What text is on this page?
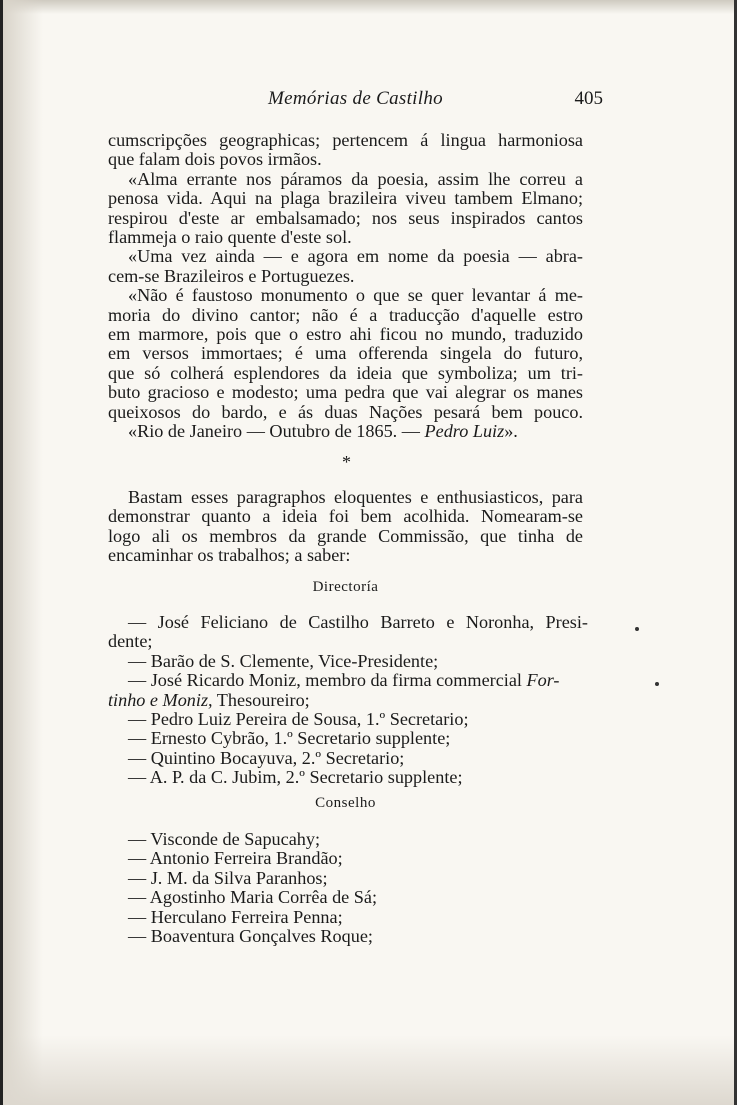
Memórias de Castilho	405
cumscripções geographicas; pertencem á lingua harmoniosa
que falam dois povos irmãos.
«Alma errante nos páramos da poesia, assim lhe correu a
penosa vida. Aqui na plaga brazileira viveu tambem Elmano;
respirou d'este ar embalsamado; nos seus inspirados cantos
flammeja o raio quente d'este sol.
«Uma vez ainda — e agora em nome da poesia — abra-
cem-se Brazileiros e Portuguezes.
«Não é faustoso monumento o que se quer levantar á me-
moria do divino cantor; não é a traducção d'aquelle estro
em marmore, pois que o estro ahi ficou no mundo, traduzido
em versos immortaes; é uma offerenda singela do futuro,
que só colherá esplendores da ideia que symboliza; um tri-
buto gracioso e modesto; uma pedra que vai alegrar os manes
queixosos do bardo, e ás duas Nações pesará bem pouco.
«Rio de Janeiro — Outubro de 1865. — Pedro Luiz».
*
Bastam esses paragraphos eloquentes e enthusiasticos, para
demonstrar quanto a ideia foi bem acolhida. Nomearam-se
logo ali os membros da grande Commissão, que tinha de
encaminhar os trabalhos; a saber:
Directoría
— José Feliciano de Castilho Barreto e Noronha, Presi-
dente;
— Barão de S. Clemente, Vice-Presidente;
— José Ricardo Moniz, membro da firma commercial For-
tinho e Moniz, Thesoureiro;
— Pedro Luiz Pereira de Sousa, 1.º Secretario;
— Ernesto Cybrão, 1.º Secretario supplente;
— Quintino Bocayuva, 2.º Secretario;
— A. P. da C. Jubim, 2.º Secretario supplente;
Conselho
— Visconde de Sapucahy;
— Antonio Ferreira Brandão;
— J. M. da Silva Paranhos;
— Agostinho Maria Corrêa de Sá;
— Herculano Ferreira Penna;
— Boaventura Gonçalves Roque;
